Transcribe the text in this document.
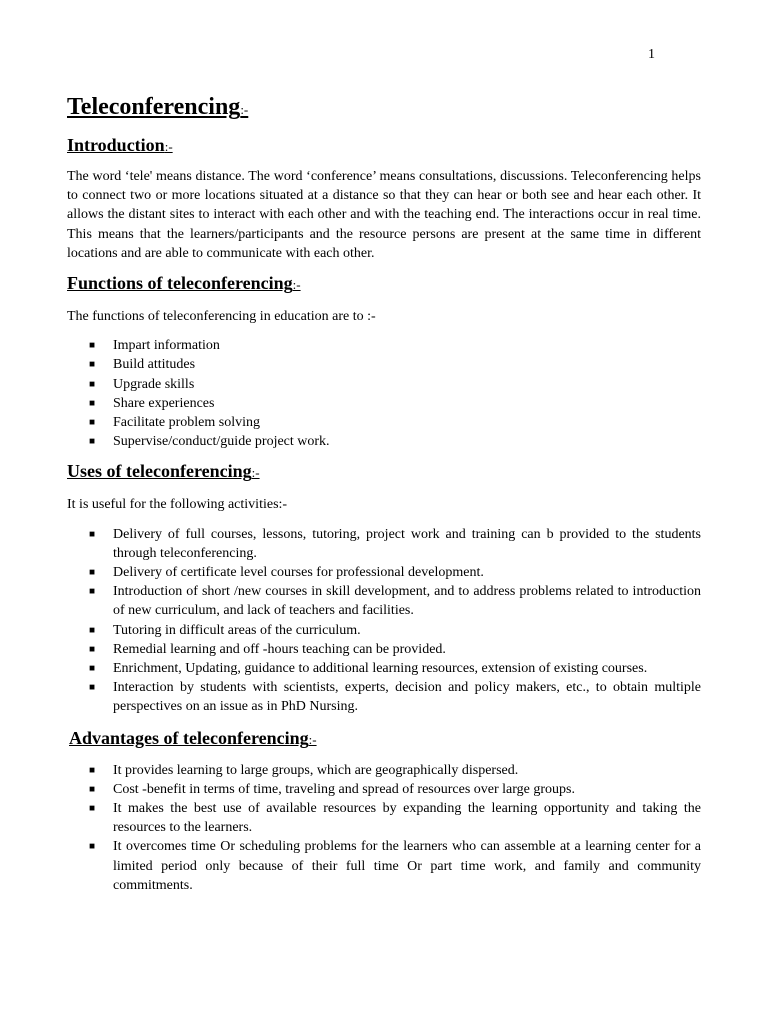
1
Teleconferencing:-
Introduction:-

The word ‘tele' means distance. The word ‘conference’ means consultations, discussions. Teleconferencing helps to connect two or more locations situated at a distance so that they can hear or both see and hear each other. It allows the distant sites to interact with each other and with the teaching end. The interactions occur in real time. This means that the learners/participants and the resource persons are present at the same time in different locations and are able to communicate with each other.

Functions of teleconferencing:-

The functions of teleconferencing in education are to :-

■ Impart information
■ Build attitudes
■ Upgrade skills
■ Share experiences
■ Facilitate problem solving
■ Supervise/conduct/guide project work.
Uses of teleconferencing:-

It is useful for the following activities:-

■ Delivery of full courses, lessons, tutoring, project work and training can b provided to the students through teleconferencing.
■ Delivery of certificate level courses for professional development.
■ Introduction of short /new courses in skill development, and to address problems related to introduction of new curriculum, and lack of teachers and facilities.
■ Tutoring in difficult areas of the curriculum.
■ Remedial learning and off -hours teaching can be provided.
■ Enrichment, Updating, guidance to additional learning resources, extension of existing courses.
■ Interaction by students with scientists, experts, decision and policy makers, etc., to obtain multiple perspectives on an issue as in PhD Nursing.
Advantages of teleconferencing:-
■ It provides learning to large groups, which are geographically dispersed.
■ Cost -benefit in terms of time, traveling and spread of resources over large groups.
■ It makes the best use of available resources by expanding the learning opportunity and taking the resources to the learners.
■ It overcomes time Or scheduling problems for the learners who can assemble at a learning center for a limited period only because of their full time Or part time work, and family and community commitments.
